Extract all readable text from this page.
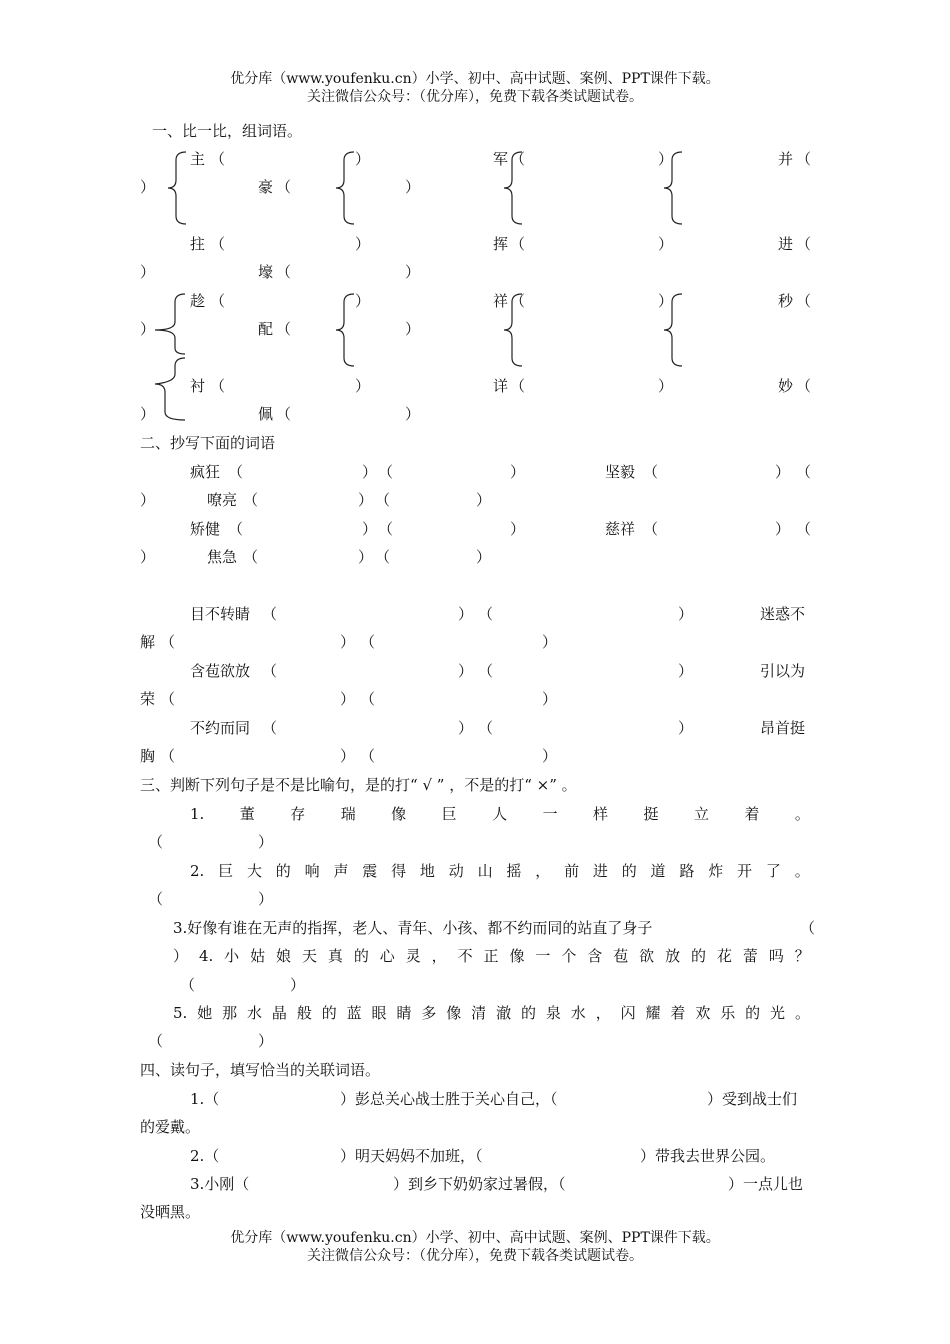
优分库（www.youfenku.cn）小学、初中、高中试题、案例、PPT课件下载。
关注微信公众号：（优分库），免费下载各类试题试卷。
一、比一比，组词语。
主 （	）	军 （	）	并 （
）	豪 （	）
拄 （	）	挥 （	）	进 （
）	壕 （	）
趁 （	）	祥 （	）	秒 （
）	配 （	）
衬 （	）	详 （	）	妙 （
）	佩 （	）
二、抄写下面的词语
疯狂 （	） （	）	坚毅 （	） （
）	嘹亮 （	） （	）
矫健 （	） （	）	慈祥 （	） （
）	焦急 （	） （	）
目不转睛 （	） （	）	迷惑不
解 （	） （	）
含苞欲放 （	） （	）	引以为
荣 （	） （	）
不约而同 （	） （	）	昂首挺
胸 （	） （	）
三、判断下列句子是不是比喻句，是的打“ √ ” ，不是的打“ ×” 。
1. 董 存 瑞 像 巨 人 一 样 挺 立 着 。
（	）
2. 巨 大 的 响 声 震 得 地 动 山 摇 ， 前 进 的 道 路 炸 开 了 。
（	）
3.好像有谁在无声的指挥，老人、青年、小孩、都不约而同的站直了身子	（
） 4. 小 姑 娘 天 真 的 心 灵 ， 不 正 像 一 个 含 苞 欲 放 的 花 蕾 吗 ？
（	）
5. 她 那 水 晶 般 的 蓝 眼 睛 多 像 清 澈 的 泉 水 ， 闪 耀 着 欢 乐 的 光 。
（	）
四、读句子，填写恰当的关联词语。
1.（	）彭总关心战士胜于关心自己，（	）受到战士们
的爱戴。
2.（	）明天妈妈不加班，（	）带我去世界公园。
3.小刚（	）到乡下奶奶家过暑假，（	）一点儿也
没晒黑。
优分库（www.youfenku.cn）小学、初中、高中试题、案例、PPT课件下载。
关注微信公众号：（优分库），免费下载各类试题试卷。
